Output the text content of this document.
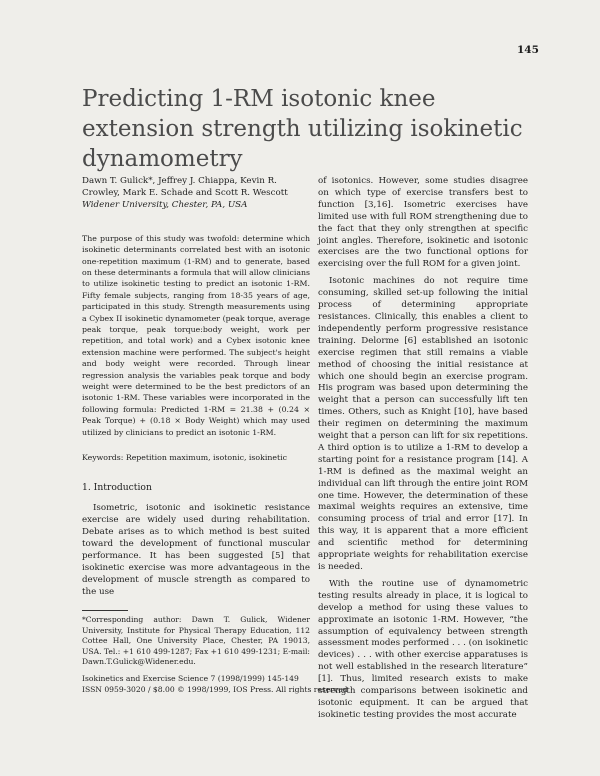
145
Predicting 1-RM isotonic knee extension strength utilizing isokinetic dynamometry

Dawn T. Gulick*, Jeffrey J. Chiappa, Kevin R. Crowley, Mark E. Schade and Scott R. Wescott

Widener University, Chester, PA, USA

The purpose of this study was twofold: determine which isokinetic determinants correlated best with an isotonic one-repetition maximum (1-RM) and to generate, based on these determinants a formula that will allow clinicians to utilize isokinetic testing to predict an isotonic 1-RM. Fifty female subjects, ranging from 18-35 years of age, participated in this study. Strength measurements using a Cybex II isokinetic dynamometer (peak torque, average peak torque, peak torque:body weight, work per repetition, and total work) and a Cybex isotonic knee extension machine were performed. The subject's height and body weight were recorded. Through linear regression analysis the variables peak torque and body weight were determined to be the best predictors of an isotonic 1-RM. These variables were incorporated in the following formula: Predicted 1-RM = 21.38 + (0.24 × Peak Torque) + (0.18 × Body Weight) which may used utilized by clinicians to predict an isotonic 1-RM.

Keywords: Repetition maximum, isotonic, isokinetic

1. Introduction

Isometric, isotonic and isokinetic resistance exercise are widely used during rehabilitation. Debate arises as to which method is best suited toward the development of functional muscular performance. It has been suggested [5] that isokinetic exercise was more advantageous in the development of muscle strength as compared to the use

*Corresponding author: Dawn T. Gulick, Widener University, Institute for Physical Therapy Education, 112 Cottee Hall, One University Place, Chester, PA 19013, USA. Tel.: +1 610 499-1287; Fax +1 610 499-1231; E-mail: Dawn.T.Gulick@Widener.edu.

Isokinetics and Exercise Science 7 (1998/1999) 145-149

ISSN 0959-3020 / $8.00 © 1998/1999, IOS Press. All rights reserved

of isotonics. However, some studies disagree on which type of exercise transfers best to function [3,16]. Isometric exercises have limited use with full ROM strengthening due to the fact that they only strengthen at specific joint angles. Therefore, isokinetic and isotonic exercises are the two functional options for exercising over the full ROM for a given joint.

Isotonic machines do not require time consuming, skilled set-up following the initial process of determining appropriate resistances. Clinically, this enables a client to independently perform progressive resistance training. Delorme [6] established an isotonic exercise regimen that still remains a viable method of choosing the initial resistance at which one should begin an exercise program. His program was based upon determining the weight that a person can successfully lift ten times. Others, such as Knight [10], have based their regimen on determining the maximum weight that a person can lift for six repetitions. A third option is to utilize a 1-RM to develop a starting point for a resistance program [14]. A 1-RM is defined as the maximal weight an individual can lift through the entire joint ROM one time. However, the determination of these maximal weights requires an extensive, time consuming process of trial and error [17]. In this way, it is apparent that a more efficient and scientific method for determining appropriate weights for rehabilitation exercise is needed.

With the routine use of dynamometric testing results already in place, it is logical to develop a method for using these values to approximate an isotonic 1-RM. However, “the assumption of equivalency between strength assessment modes performed . . . (on isokinetic devices) . . . with other exercise apparatuses is not well established in the research literature” [1]. Thus, limited research exists to make strength comparisons between isokinetic and isotonic equipment. It can be argued that isokinetic testing provides the most accurate
